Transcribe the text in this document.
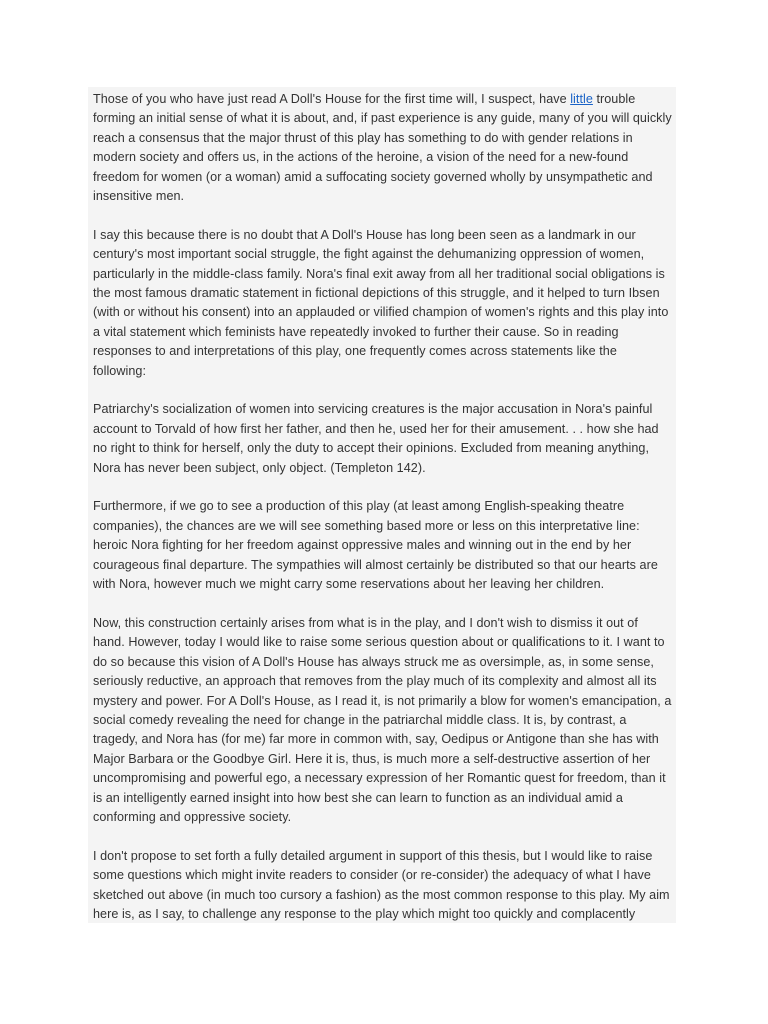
Those of you who have just read A Doll's House for the first time will, I suspect, have little trouble forming an initial sense of what it is about, and, if past experience is any guide, many of you will quickly reach a consensus that the major thrust of this play has something to do with gender relations in modern society and offers us, in the actions of the heroine, a vision of the need for a new-found freedom for women (or a woman) amid a suffocating society governed wholly by unsympathetic and insensitive men.

I say this because there is no doubt that A Doll's House has long been seen as a landmark in our century's most important social struggle, the fight against the dehumanizing oppression of women, particularly in the middle-class family. Nora's final exit away from all her traditional social obligations is the most famous dramatic statement in fictional depictions of this struggle, and it helped to turn Ibsen (with or without his consent) into an applauded or vilified champion of women's rights and this play into a vital statement which feminists have repeatedly invoked to further their cause. So in reading responses to and interpretations of this play, one frequently comes across statements like the following:

Patriarchy's socialization of women into servicing creatures is the major accusation in Nora's painful account to Torvald of how first her father, and then he, used her for their amusement. . . how she had no right to think for herself, only the duty to accept their opinions. Excluded from meaning anything, Nora has never been subject, only object. (Templeton 142).

Furthermore, if we go to see a production of this play (at least among English-speaking theatre companies), the chances are we will see something based more or less on this interpretative line: heroic Nora fighting for her freedom against oppressive males and winning out in the end by her courageous final departure. The sympathies will almost certainly be distributed so that our hearts are with Nora, however much we might carry some reservations about her leaving her children.

Now, this construction certainly arises from what is in the play, and I don't wish to dismiss it out of hand. However, today I would like to raise some serious question about or qualifications to it. I want to do so because this vision of A Doll's House has always struck me as oversimple, as, in some sense, seriously reductive, an approach that removes from the play much of its complexity and almost all its mystery and power. For A Doll's House, as I read it, is not primarily a blow for women's emancipation, a social comedy revealing the need for change in the patriarchal middle class. It is, by contrast, a tragedy, and Nora has (for me) far more in common with, say, Oedipus or Antigone than she has with Major Barbara or the Goodbye Girl. Here it is, thus, is much more a self-destructive assertion of her uncompromising and powerful ego, a necessary expression of her Romantic quest for freedom, than it is an intelligently earned insight into how best she can learn to function as an individual amid a conforming and oppressive society.

I don't propose to set forth a fully detailed argument in support of this thesis, but I would like to raise some questions which might invite readers to consider (or re-consider) the adequacy of what I have sketched out above (in much too cursory a fashion) as the most common response to this play. My aim here is, as I say, to challenge any response to the play which might too quickly and complacently
